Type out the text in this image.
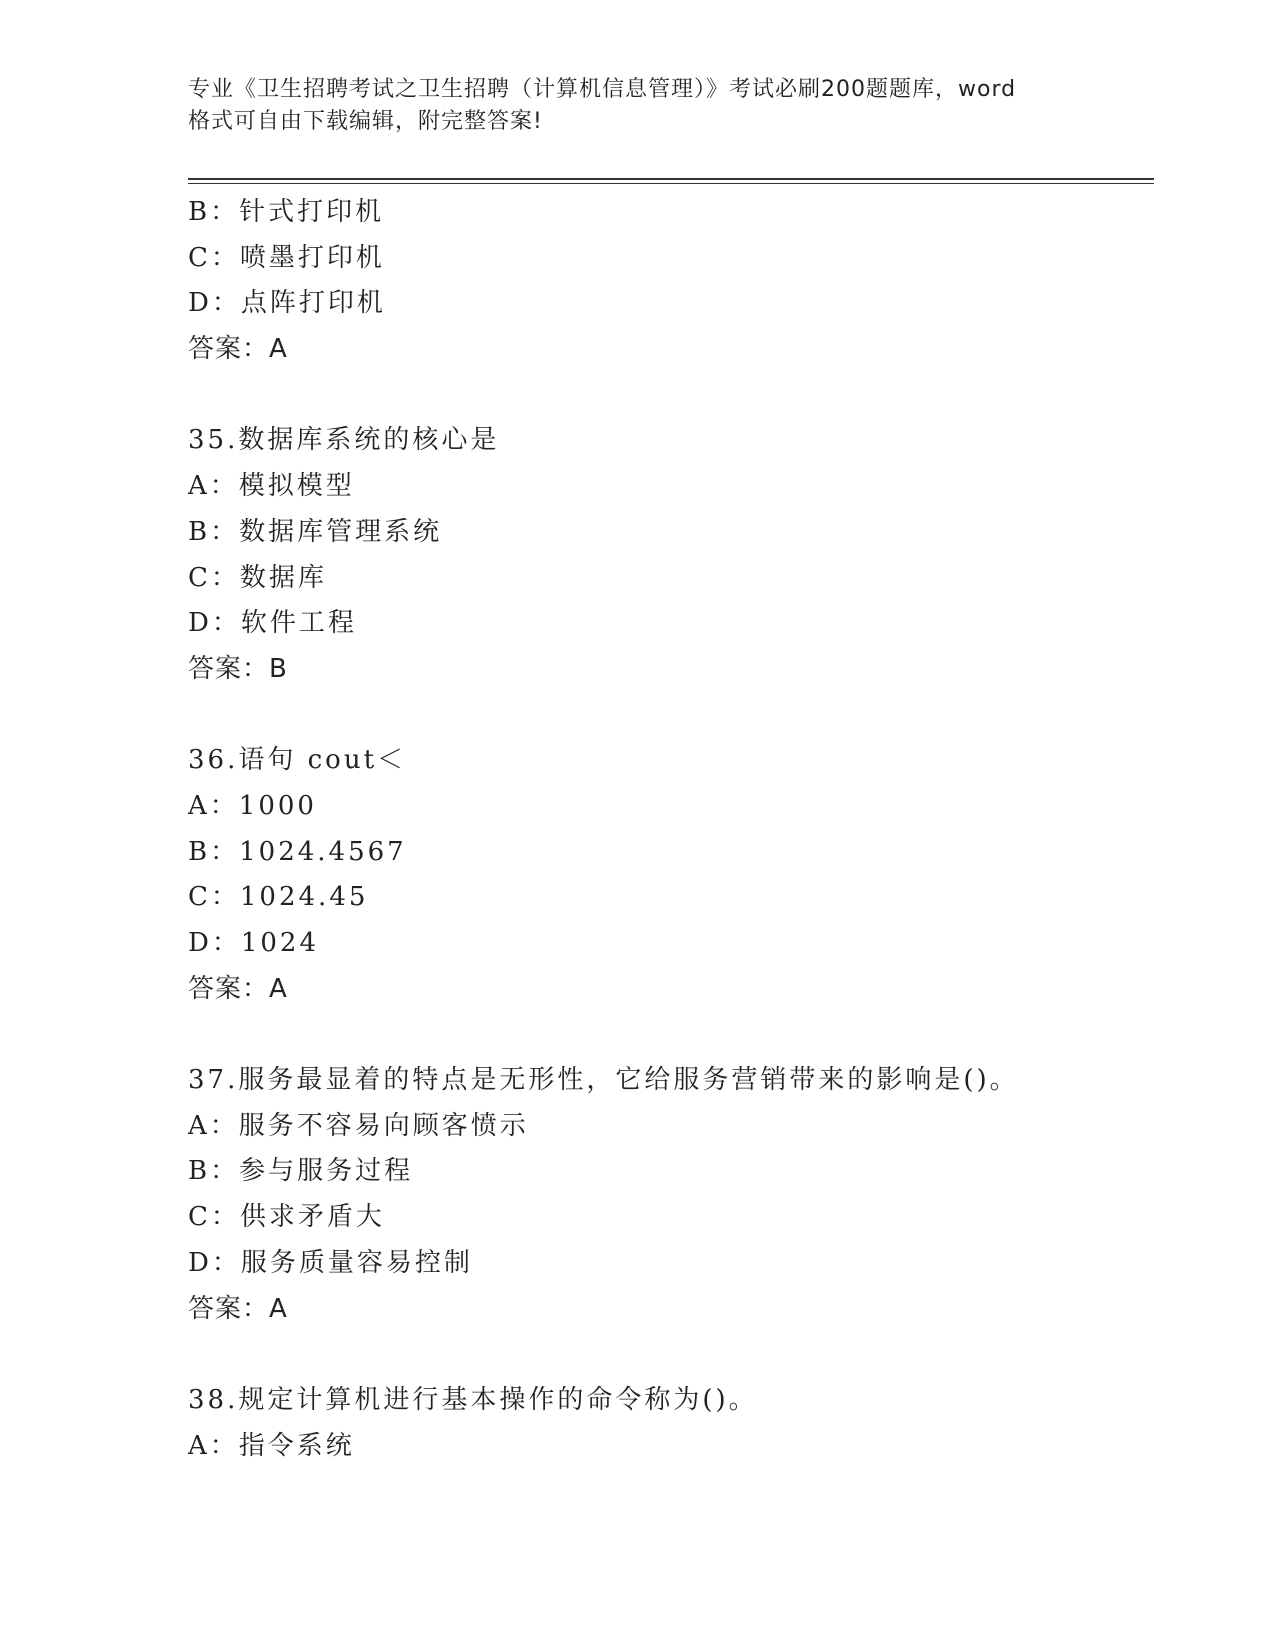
专业《卫生招聘考试之卫生招聘（计算机信息管理）》考试必刷200题题库，word
格式可自由下载编辑，附完整答案!
B：针式打印机
C：喷墨打印机
D：点阵打印机
答案：A
35.数据库系统的核心是
A：模拟模型
B：数据库管理系统
C：数据库
D：软件工程
答案：B
36.语句 cout＜
A：1000
B：1024.4567
C：1024.45
D：1024
答案：A
37.服务最显着的特点是无形性，它给服务营销带来的影响是()。
A：服务不容易向顾客愤示
B：参与服务过程
C：供求矛盾大
D：服务质量容易控制
答案：A
38.规定计算机进行基本操作的命令称为()。
A：指令系统
